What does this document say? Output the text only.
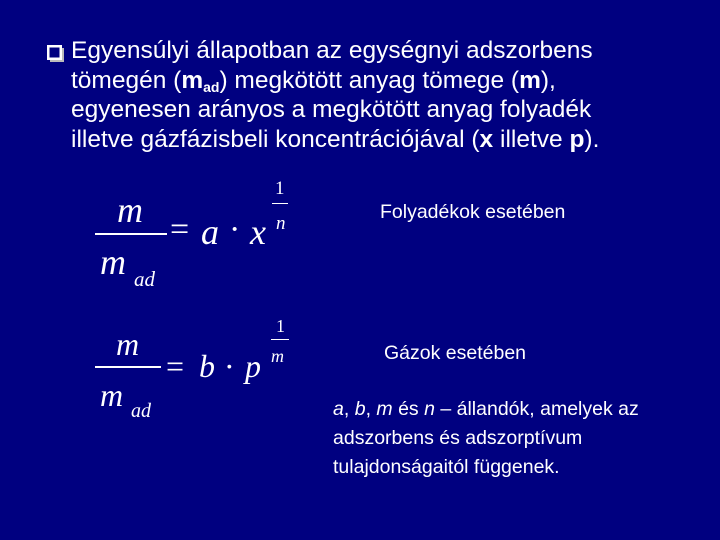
Egyensúlyi állapotban az egységnyi adszorbens
tömegén $(m_{ad})$ megkötött anyag tömege (m),
egyenesen arányos a megkötött anyag folyadék
illetve gázfázisbeli koncentrációjával (x illetve p).
m
m ad
= a · x
1
n
Folyadékok esetében
m
m ad
= b · p
1
m	Gázok esetében
a, b, m és n – állandók, amelyek az adszorbens és adszorptívum tulajdonságaitól függenek.
